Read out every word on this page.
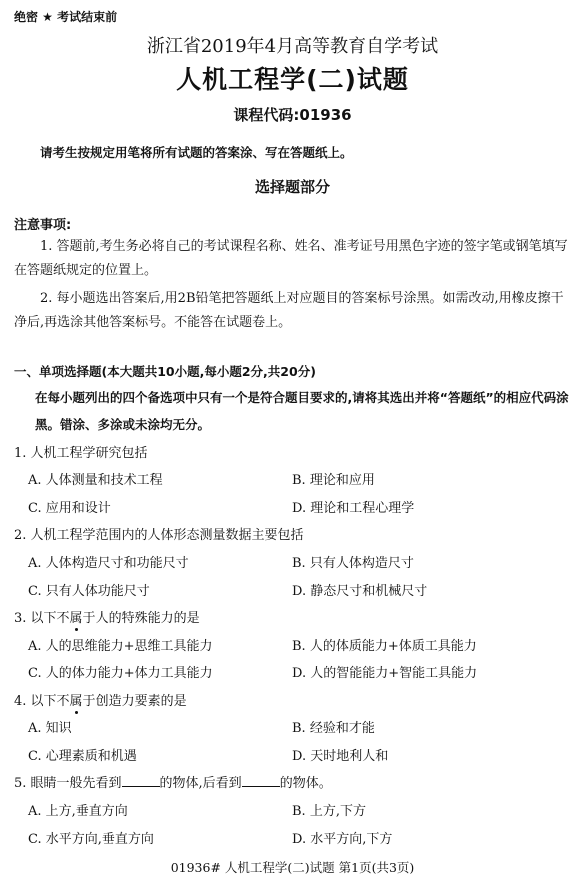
绝密 ★ 考试结束前
浙江省2019年4月高等教育自学考试
人机工程学(二)试题
课程代码:01936
请考生按规定用笔将所有试题的答案涂、写在答题纸上。
选择题部分
注意事项:
1. 答题前,考生务必将自己的考试课程名称、姓名、准考证号用黑色字迹的签字笔或钢笔填写在答题纸规定的位置上。
2. 每小题选出答案后,用2B铅笔把答题纸上对应题目的答案标号涂黑。如需改动,用橡皮擦干净后,再选涂其他答案标号。不能答在试题卷上。
一、单项选择题(本大题共10小题,每小题2分,共20分)
在每小题列出的四个备选项中只有一个是符合题目要求的,请将其选出并将“答题纸”的相应代码涂黑。错涂、多涂或未涂均无分。
1. 人机工程学研究包括
A. 人体测量和技术工程	B. 理论和应用
C. 应用和设计	D. 理论和工程心理学
2. 人机工程学范围内的人体形态测量数据主要包括
A. 人体构造尺寸和功能尺寸	B. 只有人体构造尺寸
C. 只有人体功能尺寸	D. 静态尺寸和机械尺寸
3. 以下不属于人的特殊能力的是
A. 人的思维能力+思维工具能力	B. 人的体质能力+体质工具能力
C. 人的体力能力+体力工具能力	D. 人的智能能力+智能工具能力
4. 以下不属于创造力要素的是
A. 知识	B. 经验和才能
C. 心理素质和机遇	D. 天时地利人和
5. 眼睛一般先看到	的物体,后看到	的物体。
A. 上方,垂直方向	B. 上方,下方
C. 水平方向,垂直方向	D. 水平方向,下方
01936# 人机工程学(二)试题 第1页(共3页)
